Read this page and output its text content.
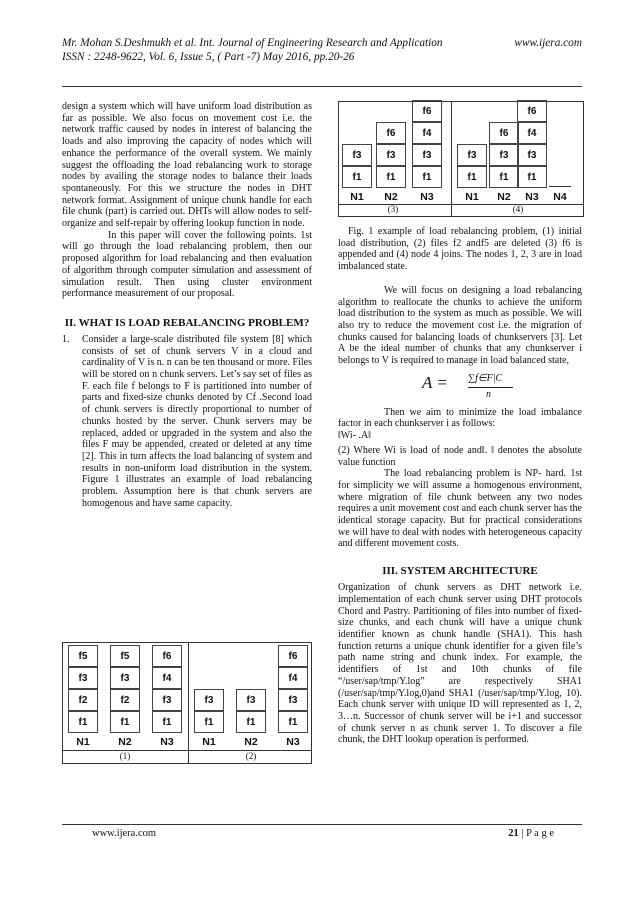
Mr. Mohan S.Deshmukh et al. Int. Journal of Engineering Research and Application	www.ijera.com
ISSN : 2248-9622, Vol. 6, Issue 5, ( Part -7) May 2016, pp.20-26

design a system which will have uniform load distribution as far as possible. We also focus on movement cost i.e. the network traffic caused by nodes in interest of balancing the loads and also improving the capacity of nodes which will enhance the performance of the overall system. We mainly suggest the offloading the load rebalancing work to storage nodes by availing the storage nodes to balance their loads spontaneously. For this we structure the nodes in DHT network format. Assignment of unique chunk handle for each file chunk (part) is carried out. DHTs will allow nodes to self-organize and self-repair by offering lookup function in node.

In this paper will cover the following points. 1st will go through the load rebalancing problem, then our proposed algorithm for load rebalancing and then evaluation of algorithm through computer simulation and assessment of simulation result. Then using cluster environment performance measurement of our proposal.

II. WHAT IS LOAD REBALANCING PROBLEM?
1.	Consider a large-scale distributed file system [8] which consists of set of chunk servers V in a cloud and cardinality of V is n. n can be ten thousand or more. Files will be stored on n chunk servers. Let’s say set of files as F. each file f belongs to F is partitioned into number of parts and fixed-size chunks denoted by Cf .Second load of chunk servers is directly proportional to number of chunks hosted by the server. Chunk servers may be replaced, added or upgraded in the system and also the files F may be appended, created or deleted at any time [2]. This in turn affects the load balancing of system and results in non-uniform load distribution in the system. Figure 1 illustrates an example of load rebalancing problem. Assumption here is that chunk servers are homogenous and have same capacity.
f1
f2
f3
f5
f1
f2
f3
f5
f1
f3
f4
f6
f1
f3
f1
f3
f1
f3
f4
f6
N1	N1
N2	N2
N3	N3
(1)	(2)
f1
f3
f1
f3
f6
f1
f3
f4
f6
f1
f3
f1
f3
f6
f1
f3
f4
f6
N1	N2	N3	N1	N2	N3	N4
(3)	(4)

Fig. 1 example of load rebalancing problem, (1) initial load distribution, (2) files f2 andf5 are deleted (3) f6 is appended and (4) node 4 joins. The nodes 1, 2, 3 are in load imbalanced state.

We will focus on designing a load rebalancing algorithm to reallocate the chunks to achieve the uniform load distribution to the system as much as possible. We will also try to reduce the movement cost i.e. the migration of chunks caused for balancing loads of chunkservers [3]. Let A be the ideal number of chunks that any chunkserver i belongs to V is required to manage in load balanced state,

A = ∑f∈F|C
n

Then we aim to minimize the load imbalance factor in each chunkserver i as follows:

‖Wi- .A‖

(2) Where Wi is load of node and‖. ‖ denotes the absolute value function

The load rebalancing problem is NP- hard. 1st for simplicity we will assume a homogenous environment, where migration of file chunk between any two nodes requires a unit movement cost and each chunk server has the identical storage capacity. But for practical considerations we will have to deal with nodes with heterogeneous capacity and different movement costs.

III. SYSTEM ARCHITECTURE

Organization of chunk servers as DHT network i.e. implementation of each chunk server using DHT protocols Chord and Pastry. Partitioning of files into number of fixed-size chunks, and each chunk will have a unique chunk identifier known as chunk handle (SHA1). This hash function returns a unique chunk identifier for a given file’s path name string and chunk index. For example, the identifiers of 1st and 10th chunks of file “/user/sap/tmp/Y.log” are respectively SHA1 (/user/sap/tmp/Y.log,0)and SHA1 (/user/sap/tmp/Y.log, 10). Each chunk server with unique ID will represented as 1, 2, 3…n. Successor of chunk server will be i+1 and successor of chunk server n as chunk server 1. To discover a file chunk, the DHT lookup operation is performed.

www.ijera.com	21 | P a g e
